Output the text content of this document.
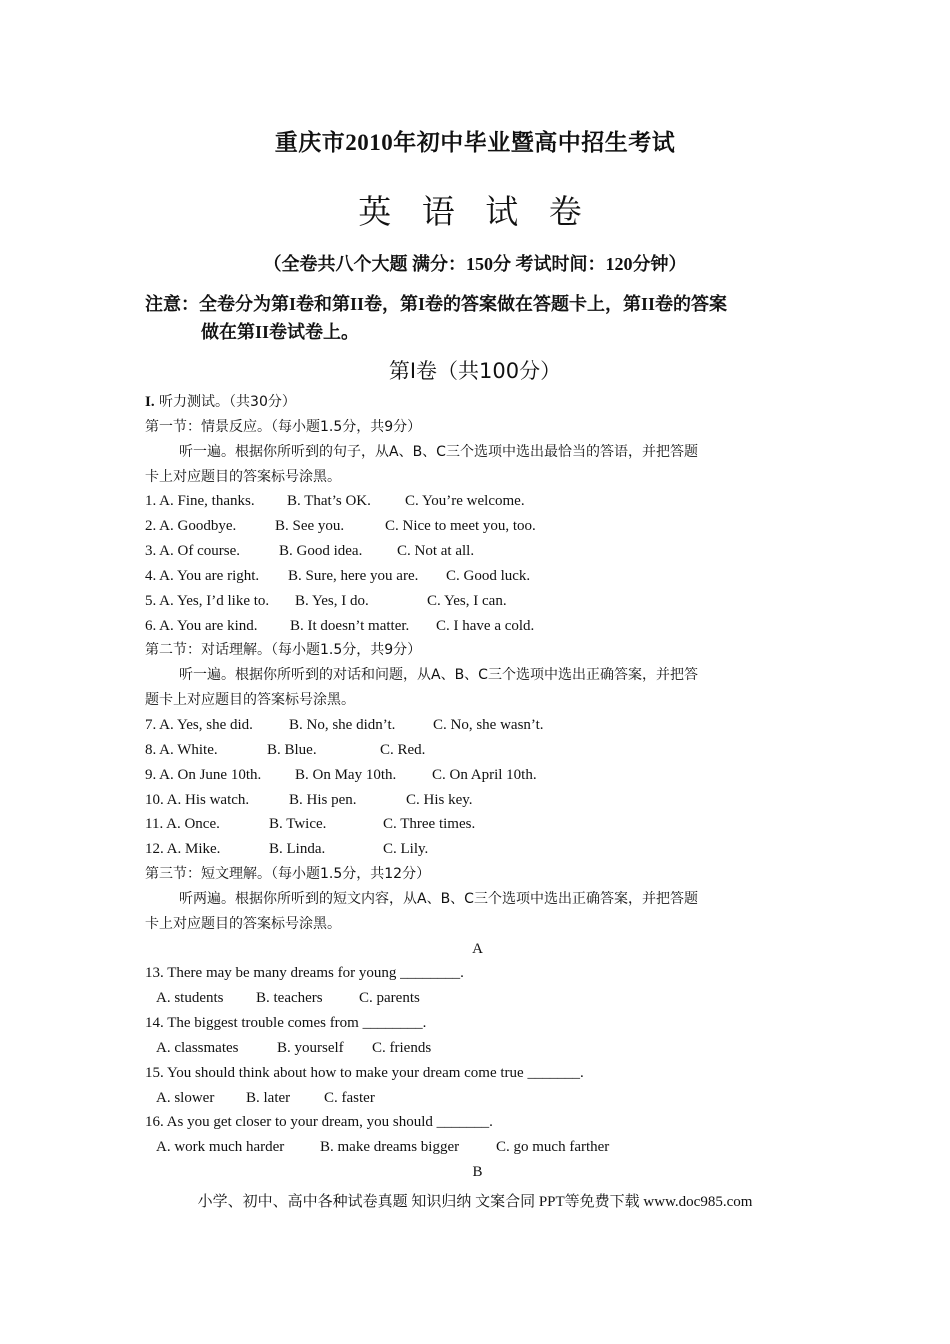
重庆市2010年初中毕业暨高中招生考试
英 语 试 卷
（全卷共八个大题 满分：150分 考试时间：120分钟）
注意：全卷分为第I卷和第II卷，第I卷的答案做在答题卡上，第II卷的答案
做在第II卷试卷上。
第Ⅰ卷（共100分）
I. 听力测试。（共30分）
第一节：情景反应。（每小题1.5分，共9分）
听一遍。根据你所听到的句子，从A、B、C三个选项中选出最恰当的答语，并把答题
卡上对应题目的答案标号涂黑。
1. A. Fine, thanks. B. That’s OK. C. You’re welcome.
2. A. Goodbye.	B. See you.	C. Nice to meet you, too.
3. A. Of course.	B. Good idea. C. Not at all.
4. A. You are right. B. Sure, here you are. C. Good luck.
5. A. Yes, I’d like to. B. Yes, I do.	C. Yes, I can.
6. A. You are kind. B. It doesn’t matter. C. I have a cold.
第二节：对话理解。（每小题1.5分，共9分）
听一遍。根据你所听到的对话和问题，从A、B、C三个选项中选出正确答案，并把答
题卡上对应题目的答案标号涂黑。
7. A. Yes, she did. B. No, she didn’t.	C. No, she wasn’t.
8. A. White.	B. Blue.	C. Red.
9. A. On June 10th. B. On May 10th. C. On April 10th.
10. A. His watch.	B. His pen.	C. His key.
11. A. Once.	B. Twice.	C. Three times.
12. A. Mike.	B. Linda.	C. Lily.
第三节：短文理解。（每小题1.5分，共12分）
听两遍。根据你所听到的短文内容，从A、B、C三个选项中选出正确答案，并把答题
卡上对应题目的答案标号涂黑。
A
13. There may be many dreams for young ________.
A. students B. teachers C. parents
14. The biggest trouble comes from ________.
A. classmates	B. yourself C. friends
15. You should think about how to make your dream come true _______.
A. slower B. later C. faster
16. As you get closer to your dream, you should _______.
A. work much harder B. make dreams bigger C. go much farther
B
小学、初中、高中各种试卷真题 知识归纳 文案合同 PPT等免费下载 www.doc985.com
